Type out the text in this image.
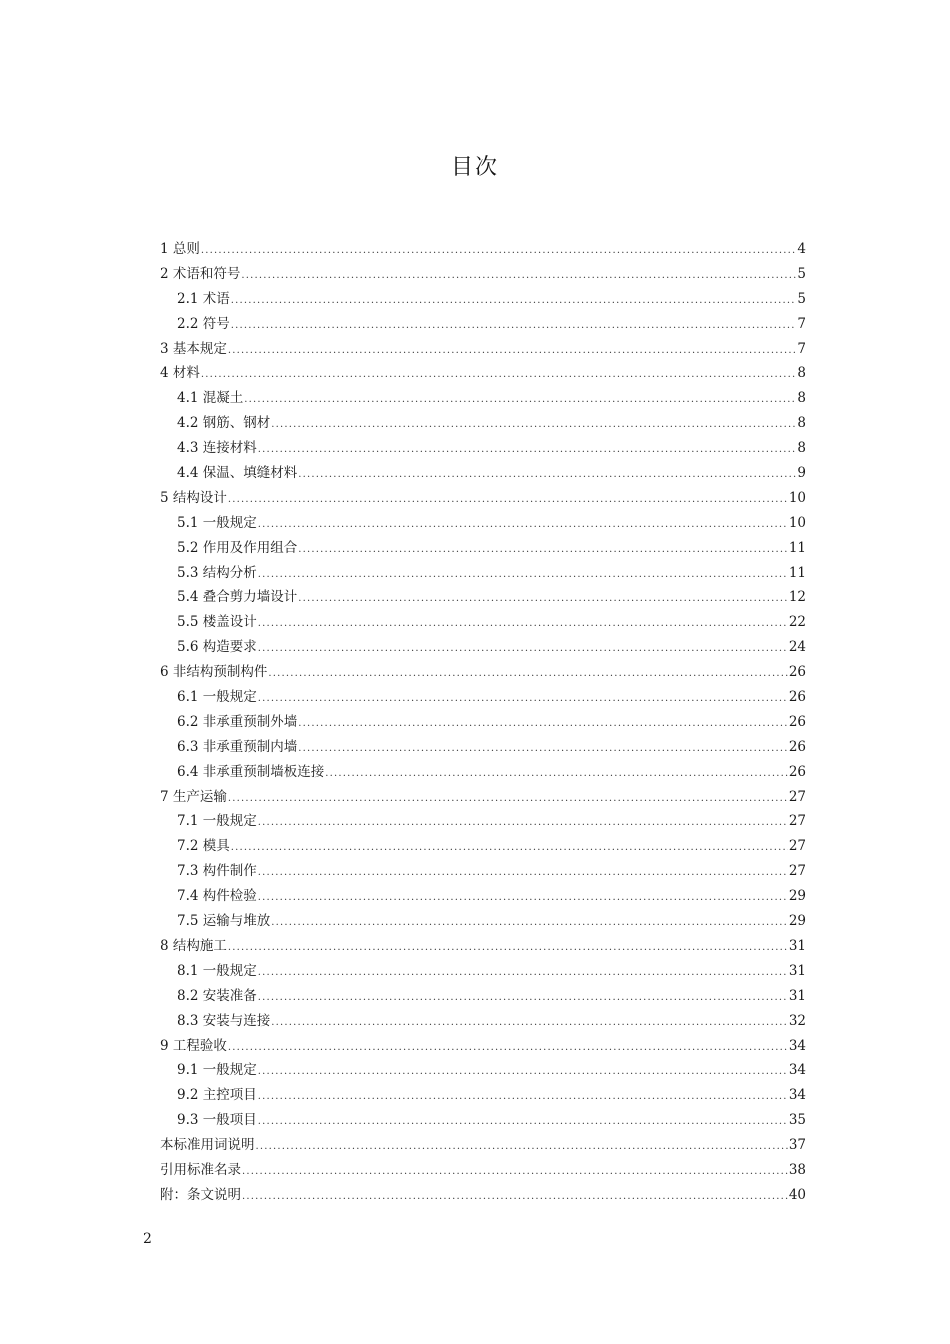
目次
1 总则 .....	4
2 术语和符号 .....	5
2.1 术语 .....	5
2.2 符号 .....	7
3 基本规定 .....	7
4 材料 .....	8
4.1 混凝土 .....	8
4.2 钢筋、钢材 .....	8
4.3 连接材料 .....	8
4.4 保温、填缝材料 .....	9
5 结构设计 .....	10
5.1 一般规定 .....	10
5.2 作用及作用组合 .....	11
5.3 结构分析 .....	11
5.4 叠合剪力墙设计 .....	12
5.5 楼盖设计 .....	22
5.6 构造要求 .....	24
6 非结构预制构件 .....	26
6.1 一般规定 .....	26
6.2 非承重预制外墙 .....	26
6.3 非承重预制内墙 .....	26
6.4 非承重预制墙板连接 .....	26
7 生产运输 .....	27
7.1 一般规定 .....	27
7.2 模具 .....	27
7.3 构件制作 .....	27
7.4 构件检验 .....	29
7.5 运输与堆放 .....	29
8 结构施工 .....	31
8.1 一般规定 .....	31
8.2 安装准备 .....	31
8.3 安装与连接 .....	32
9 工程验收 .....	34
9.1 一般规定 .....	34
9.2 主控项目 .....	34
9.3 一般项目 .....	35
本标准用词说明 .....	37
引用标准名录 .....	38
附：条文说明 .....	40
2
